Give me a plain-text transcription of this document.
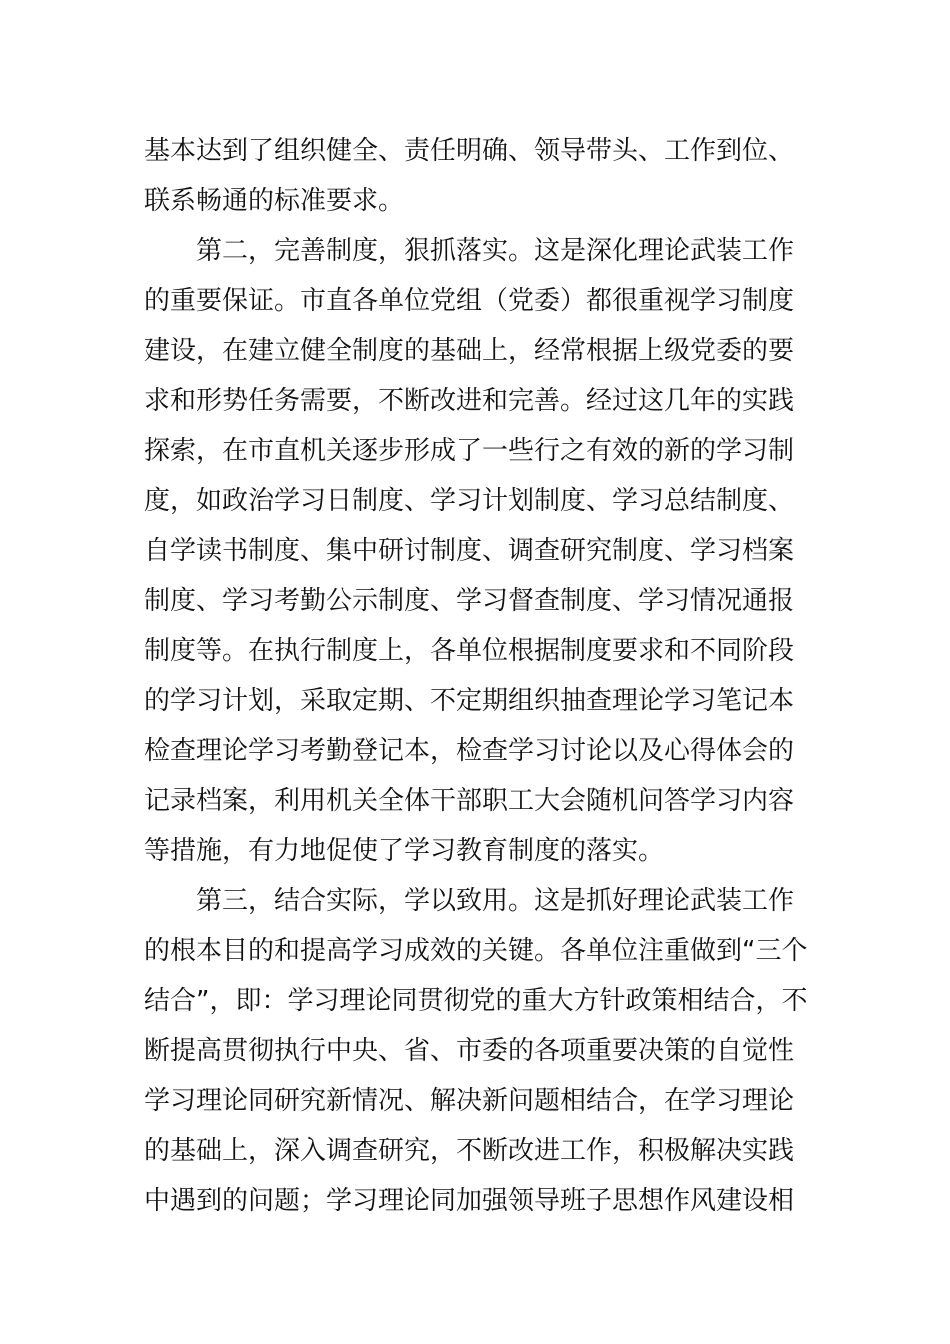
基本达到了组织健全、责任明确、领导带头、工作到位、
联系畅通的标准要求。
第二，完善制度，狠抓落实。这是深化理论武装工作
的重要保证。市直各单位党组（党委）都很重视学习制度
建设，在建立健全制度的基础上，经常根据上级党委的要
求和形势任务需要，不断改进和完善。经过这几年的实践
探索，在市直机关逐步形成了一些行之有效的新的学习制
度，如政治学习日制度、学习计划制度、学习总结制度、
自学读书制度、集中研讨制度、调查研究制度、学习档案
制度、学习考勤公示制度、学习督查制度、学习情况通报
制度等。在执行制度上，各单位根据制度要求和不同阶段
的学习计划，采取定期、不定期组织抽查理论学习笔记本
检查理论学习考勤登记本，检查学习讨论以及心得体会的
记录档案，利用机关全体干部职工大会随机问答学习内容
等措施，有力地促使了学习教育制度的落实。
第三，结合实际，学以致用。这是抓好理论武装工作
的根本目的和提高学习成效的关键。各单位注重做到“三个
结合”，即：学习理论同贯彻党的重大方针政策相结合，不
断提高贯彻执行中央、省、市委的各项重要决策的自觉性
学习理论同研究新情况、解决新问题相结合，在学习理论
的基础上，深入调查研究，不断改进工作，积极解决实践
中遇到的问题；学习理论同加强领导班子思想作风建设相
